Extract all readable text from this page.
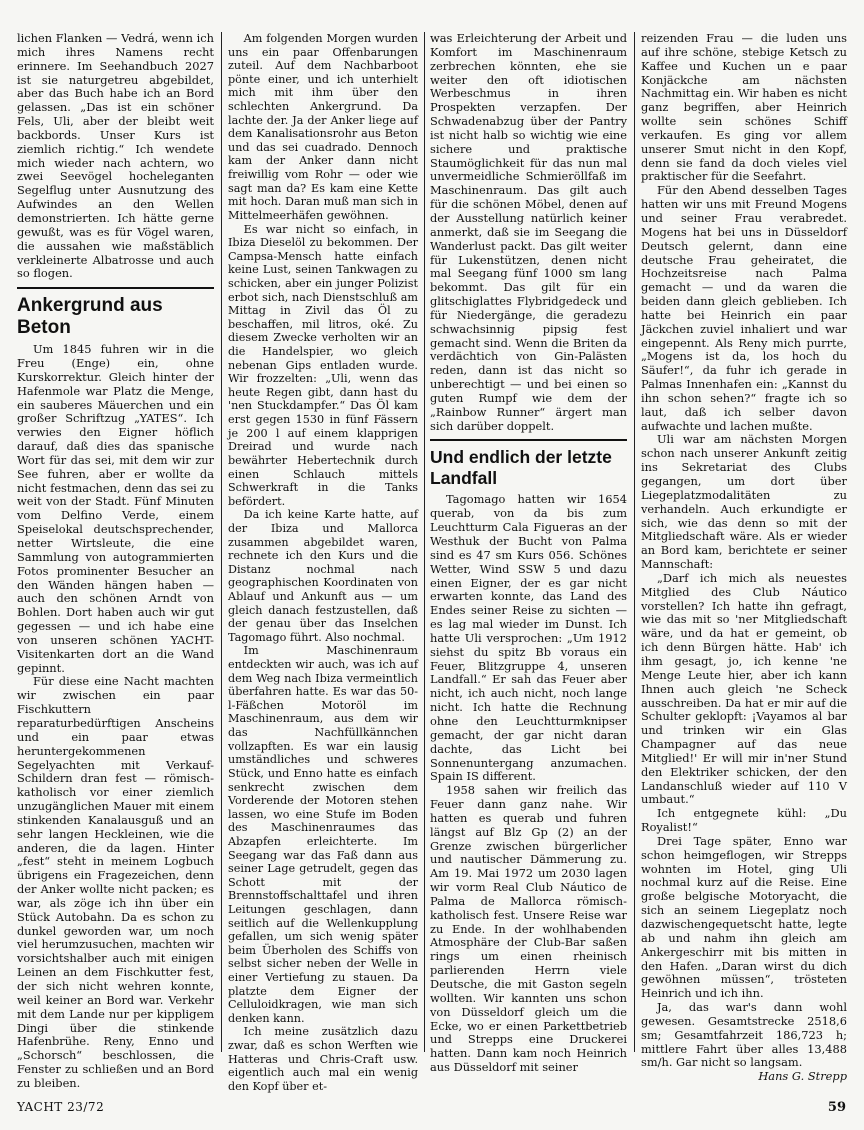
lichen Flanken — Vedrá, wenn ich mich ihres Namens recht erinnere. Im Seehandbuch 2027 ist sie naturgetreu abgebildet, aber das Buch habe ich an Bord gelassen. „Das ist ein schöner Fels, Uli, aber der bleibt weit backbords. Unser Kurs ist ziemlich richtig.“ Ich wendete mich wieder nach achtern, wo zwei Seevögel hocheleganten Segelflug unter Ausnutzung des Aufwindes an den Wellen demonstrierten. Ich hätte gerne gewußt, was es für Vögel waren, die aussahen wie maßstäblich verkleinerte Albatrosse und auch so flogen.

Ankergrund aus Beton

Um 1845 fuhren wir in die Freu (Enge) ein, ohne Kurskorrektur. Gleich hinter der Hafenmole war Platz die Menge, ein sauberes Mäuerchen und ein großer Schriftzug „YATES“. Ich verwies den Eigner höflich darauf, daß dies das spanische Wort für das sei, mit dem wir zur See fuhren, aber er wollte da nicht festmachen, denn das sei zu weit von der Stadt. Fünf Minuten vom Delfino Verde, einem Speiselokal deutschsprechender, netter Wirtsleute, die eine Sammlung von autogrammierten Fotos prominenter Besucher an den Wänden hängen haben — auch den schönen Arndt von Bohlen. Dort haben auch wir gut gegessen — und ich habe eine von unseren schönen YACHT-Visitenkarten dort an die Wand gepinnt.

Für diese eine Nacht machten wir zwischen ein paar Fischkuttern reparaturbedürftigen Anscheins und ein paar etwas heruntergekommenen Segelyachten mit Verkauf-Schildern dran fest — römisch-katholisch vor einer ziemlich unzugänglichen Mauer mit einem stinkenden Kanalausguß und an sehr langen Heckleinen, wie die anderen, die da lagen. Hinter „fest“ steht in meinem Logbuch übrigens ein Fragezeichen, denn der Anker wollte nicht packen; es war, als zöge ich ihn über ein Stück Autobahn. Da es schon zu dunkel geworden war, um noch viel herumzusuchen, machten wir vorsichtshalber auch mit einigen Leinen an dem Fischkutter fest, der sich nicht wehren konnte, weil keiner an Bord war. Verkehr mit dem Lande nur per kippligem Dingi über die stinkende Hafenbrühe. Reny, Enno und „Schorsch“ beschlossen, die Fenster zu schließen und an Bord zu bleiben.

Am folgenden Morgen wurden uns ein paar Offenbarungen zuteil. Auf dem Nachbarboot pönte einer, und ich unterhielt mich mit ihm über den schlechten Ankergrund. Da lachte der. Ja der Anker liege auf dem Kanalisationsrohr aus Beton und das sei cuadrado. Dennoch kam der Anker dann nicht freiwillig vom Rohr — oder wie sagt man da? Es kam eine Kette mit hoch. Daran muß man sich in Mittelmeerhäfen gewöhnen.

Es war nicht so einfach, in Ibiza Dieselöl zu bekommen. Der Campsa-Mensch hatte einfach keine Lust, seinen Tankwagen zu schicken, aber ein junger Polizist erbot sich, nach Dienstschluß am Mittag in Zivil das Öl zu beschaffen, mil litros, oké. Zu diesem Zwecke verholten wir an die Handelspier, wo gleich nebenan Gips entladen wurde. Wir frozzelten: „Uli, wenn das heute Regen gibt, dann hast du 'nen Stuckdampfer.“ Das Öl kam erst gegen 1530 in fünf Fässern je 200 l auf einem klapprigen Dreirad und wurde nach bewährter Hebertechnik durch einen Schlauch mittels Schwerkraft in die Tanks befördert.

Da ich keine Karte hatte, auf der Ibiza und Mallorca zusammen abgebildet waren, rechnete ich den Kurs und die Distanz nochmal nach geographischen Koordinaten von Ablauf und Ankunft aus — um gleich danach festzustellen, daß der genau über das Inselchen Tagomago führt. Also nochmal.

Im Maschinenraum entdeckten wir auch, was ich auf dem Weg nach Ibiza vermeintlich überfahren hatte. Es war das 50-l-Fäßchen Motoröl im Maschinenraum, aus dem wir das Nachfüllkännchen vollzapften. Es war ein lausig umständliches und schweres Stück, und Enno hatte es einfach senkrecht zwischen dem Vorderende der Motoren stehen lassen, wo eine Stufe im Boden des Maschinenraumes das Abzapfen erleichterte. Im Seegang war das Faß dann aus seiner Lage getrudelt, gegen das Schott mit der Brennstoffschalttafel und ihren Leitungen geschlagen, dann seitlich auf die Wellenkupplung gefallen, um sich wenig später beim Überholen des Schiffs von selbst sicher neben der Welle in einer Vertiefung zu stauen. Da platzte dem Eigner der Celluloidkragen, wie man sich denken kann.

Ich meine zusätzlich dazu zwar, daß es schon Werften wie Hatteras und Chris-Craft usw. eigentlich auch mal ein wenig den Kopf über et-

was Erleichterung der Arbeit und Komfort im Maschinenraum zerbrechen könnten, ehe sie weiter den oft idiotischen Werbeschmus in ihren Prospekten verzapfen. Der Schwadenabzug über der Pantry ist nicht halb so wichtig wie eine sichere und praktische Staumöglichkeit für das nun mal unvermeidliche Schmieröllfaß im Maschinenraum. Das gilt auch für die schönen Möbel, denen auf der Ausstellung natürlich keiner anmerkt, daß sie im Seegang die Wanderlust packt. Das gilt weiter für Lukenstützen, denen nicht mal Seegang fünf 1000 sm lang bekommt. Das gilt für ein glitschiglattes Flybridgedeck und für Niedergänge, die geradezu schwachsinnig pipsig fest gemacht sind. Wenn die Briten da verdächtich von Gin-Palästen reden, dann ist das nicht so unberechtigt — und bei einen so guten Rumpf wie dem der „Rainbow Runner“ ärgert man sich darüber doppelt.

Und endlich der letzte Landfall

Tagomago hatten wir 1654 querab, von da bis zum Leuchtturm Cala Figueras an der Westhuk der Bucht von Palma sind es 47 sm Kurs 056. Schönes Wetter, Wind SSW 5 und dazu einen Eigner, der es gar nicht erwarten konnte, das Land des Endes seiner Reise zu sichten — es lag mal wieder im Dunst. Ich hatte Uli versprochen: „Um 1912 siehst du spitz Bb voraus ein Feuer, Blitzgruppe 4, unseren Landfall.“ Er sah das Feuer aber nicht, ich auch nicht, noch lange nicht. Ich hatte die Rechnung ohne den Leuchtturmknipser gemacht, der gar nicht daran dachte, das Licht bei Sonnenuntergang anzumachen. Spain IS different.

1958 sahen wir freilich das Feuer dann ganz nahe. Wir hatten es querab und fuhren längst auf Blz Gp (2) an der Grenze zwischen bürgerlicher und nautischer Dämmerung zu. Am 19. Mai 1972 um 2030 lagen wir vorm Real Club Náutico de Palma de Mallorca römisch-katholisch fest. Unsere Reise war zu Ende. In der wohlhabenden Atmosphäre der Club-Bar saßen rings um einen rheinisch parlierenden Herrn viele Deutsche, die mit Gaston segeln wollten. Wir kannten uns schon von Düsseldorf gleich um die Ecke, wo er einen Parkettbetrieb und Strepps eine Druckerei hatten. Dann kam noch Heinrich aus Düsseldorf mit seiner

reizenden Frau — die luden uns auf ihre schöne, stebige Ketsch zu Kaffee und Kuchen un e paar Konjäckche am nächsten Nachmittag ein. Wir haben es nicht ganz begriffen, aber Heinrich wollte sein schönes Schiff verkaufen. Es ging vor allem unserer Smut nicht in den Kopf, denn sie fand da doch vieles viel praktischer für die Seefahrt.

Für den Abend desselben Tages hatten wir uns mit Freund Mogens und seiner Frau verabredet. Mogens hat bei uns in Düsseldorf Deutsch gelernt, dann eine deutsche Frau geheiratet, die Hochzeitsreise nach Palma gemacht — und da waren die beiden dann gleich geblieben. Ich hatte bei Heinrich ein paar Jäckchen zuviel inhaliert und war eingepennt. Als Reny mich purrte, „Mogens ist da, los hoch du Säufer!“, da fuhr ich gerade in Palmas Innenhafen ein: „Kannst du ihn schon sehen?“ fragte ich so laut, daß ich selber davon aufwachte und lachen mußte.

Uli war am nächsten Morgen schon nach unserer Ankunft zeitig ins Sekretariat des Clubs gegangen, um dort über Liegeplatzmodalitäten zu verhandeln. Auch erkundigte er sich, wie das denn so mit der Mitgliedschaft wäre. Als er wieder an Bord kam, berichtete er seiner Mannschaft:

„Darf ich mich als neuestes Mitglied des Club Náutico vorstellen? Ich hatte ihn gefragt, wie das mit so 'ner Mitgliedschaft wäre, und da hat er gemeint, ob ich denn Bürgen hätte. Hab' ich ihm gesagt, jo, ich kenne 'ne Menge Leute hier, aber ich kann Ihnen auch gleich 'ne Scheck ausschreiben. Da hat er mir auf die Schulter geklopft: ¡Vayamos al bar und trinken wir ein Glas Champagner auf das neue Mitglied!' Er will mir in'ner Stund den Elektriker schicken, der den Landanschluß wieder auf 110 V umbaut.“

Ich entgegnete kühl: „Du Royalist!“

Drei Tage später, Enno war schon heimgeflogen, wir Strepps wohnten im Hotel, ging Uli nochmal kurz auf die Reise. Eine große belgische Motoryacht, die sich an seinem Liegeplatz noch dazwischengequetscht hatte, legte ab und nahm ihn gleich am Ankergeschirr mit bis mitten in den Hafen. „Daran wirst du dich gewöhnen müssen“, trösteten Heinrich und ich ihn.

Ja, das war's dann wohl gewesen. Gesamtstrecke 2518,6 sm; Gesamtfahrzeit 186,723 h; mittlere Fahrt über alles 13,488 sm/h. Gar nicht so langsam.

Hans G. Strepp

YACHT 23/72	59
